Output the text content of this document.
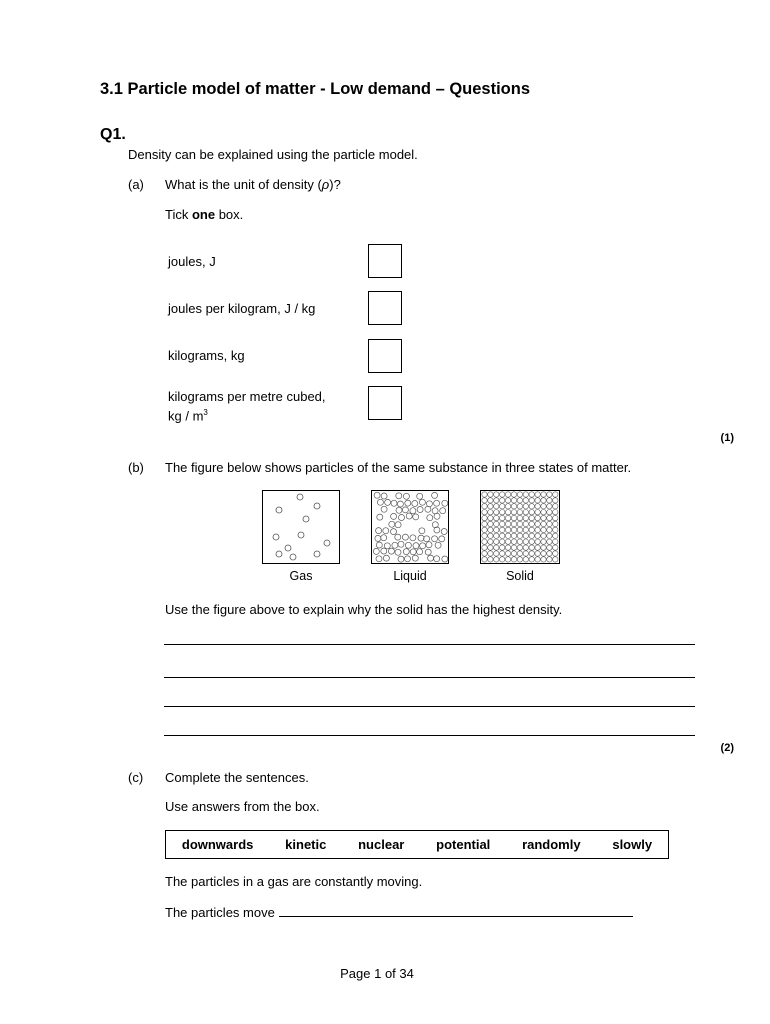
3.1 Particle model of matter - Low demand – Questions
Q1.
Density can be explained using the particle model.
(a) What is the unit of density (ρ)?
Tick one box.
joules, J
joules per kilogram, J / kg
kilograms, kg
kilograms per metre cubed,
kg / $m^3$
(1)
(b) The figure below shows particles of the same substance in three states of matter.
Gas	Liquid	Solid
Use the figure above to explain why the solid has the highest density.
(2)
(c) Complete the sentences.
Use answers from the box.
downwards kinetic nuclear potential randomly slowly
The particles in a gas are constantly moving.
The particles move
Page 1 of 34
